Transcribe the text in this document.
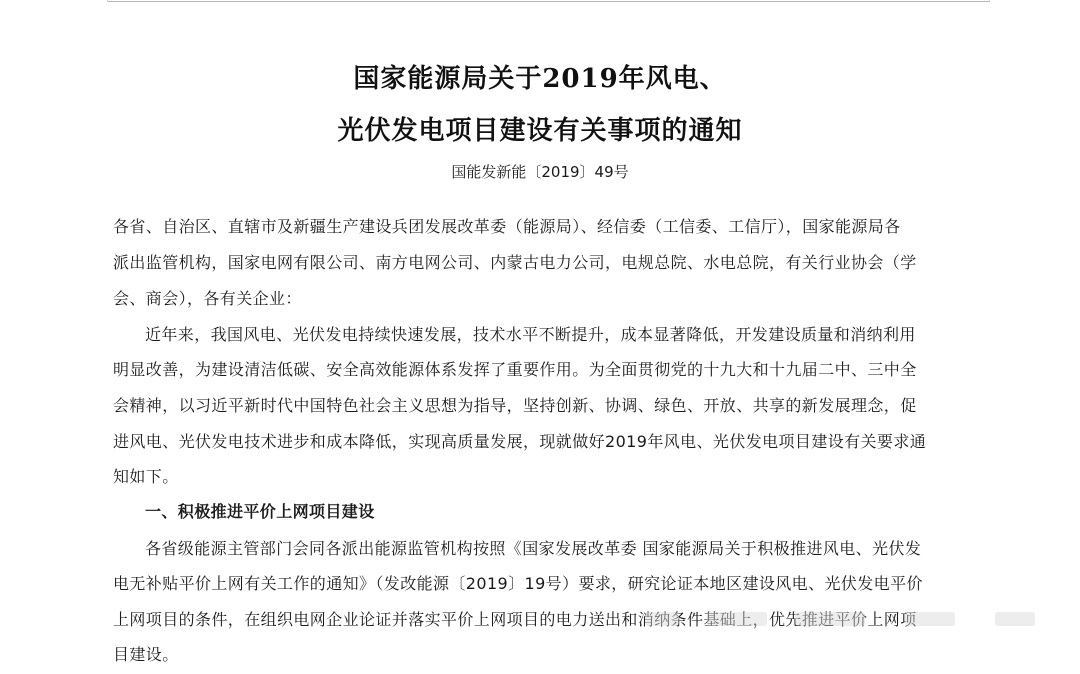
国家能源局关于2019年风电、
光伏发电项目建设有关事项的通知
国能发新能〔2019〕49号
各省、自治区、直辖市及新疆生产建设兵团发展改革委（能源局）、经信委（工信委、工信厅），国家能源局各
派出监管机构，国家电网有限公司、南方电网公司、内蒙古电力公司，电规总院、水电总院，有关行业协会（学
会、商会），各有关企业：
近年来，我国风电、光伏发电持续快速发展，技术水平不断提升，成本显著降低，开发建设质量和消纳利用
明显改善，为建设清洁低碳、安全高效能源体系发挥了重要作用。为全面贯彻党的十九大和十九届二中、三中全
会精神，以习近平新时代中国特色社会主义思想为指导，坚持创新、协调、绿色、开放、共享的新发展理念，促
进风电、光伏发电技术进步和成本降低，实现高质量发展，现就做好2019年风电、光伏发电项目建设有关要求通
知如下。
一、积极推进平价上网项目建设
各省级能源主管部门会同各派出能源监管机构按照《国家发展改革委 国家能源局关于积极推进风电、光伏发
电无补贴平价上网有关工作的通知》（发改能源〔2019〕19号）要求，研究论证本地区建设风电、光伏发电平价
上网项目的条件，在组织电网企业论证并落实平价上网项目的电力送出和消纳条件基础上，优先推进平价上网项
目建设。
